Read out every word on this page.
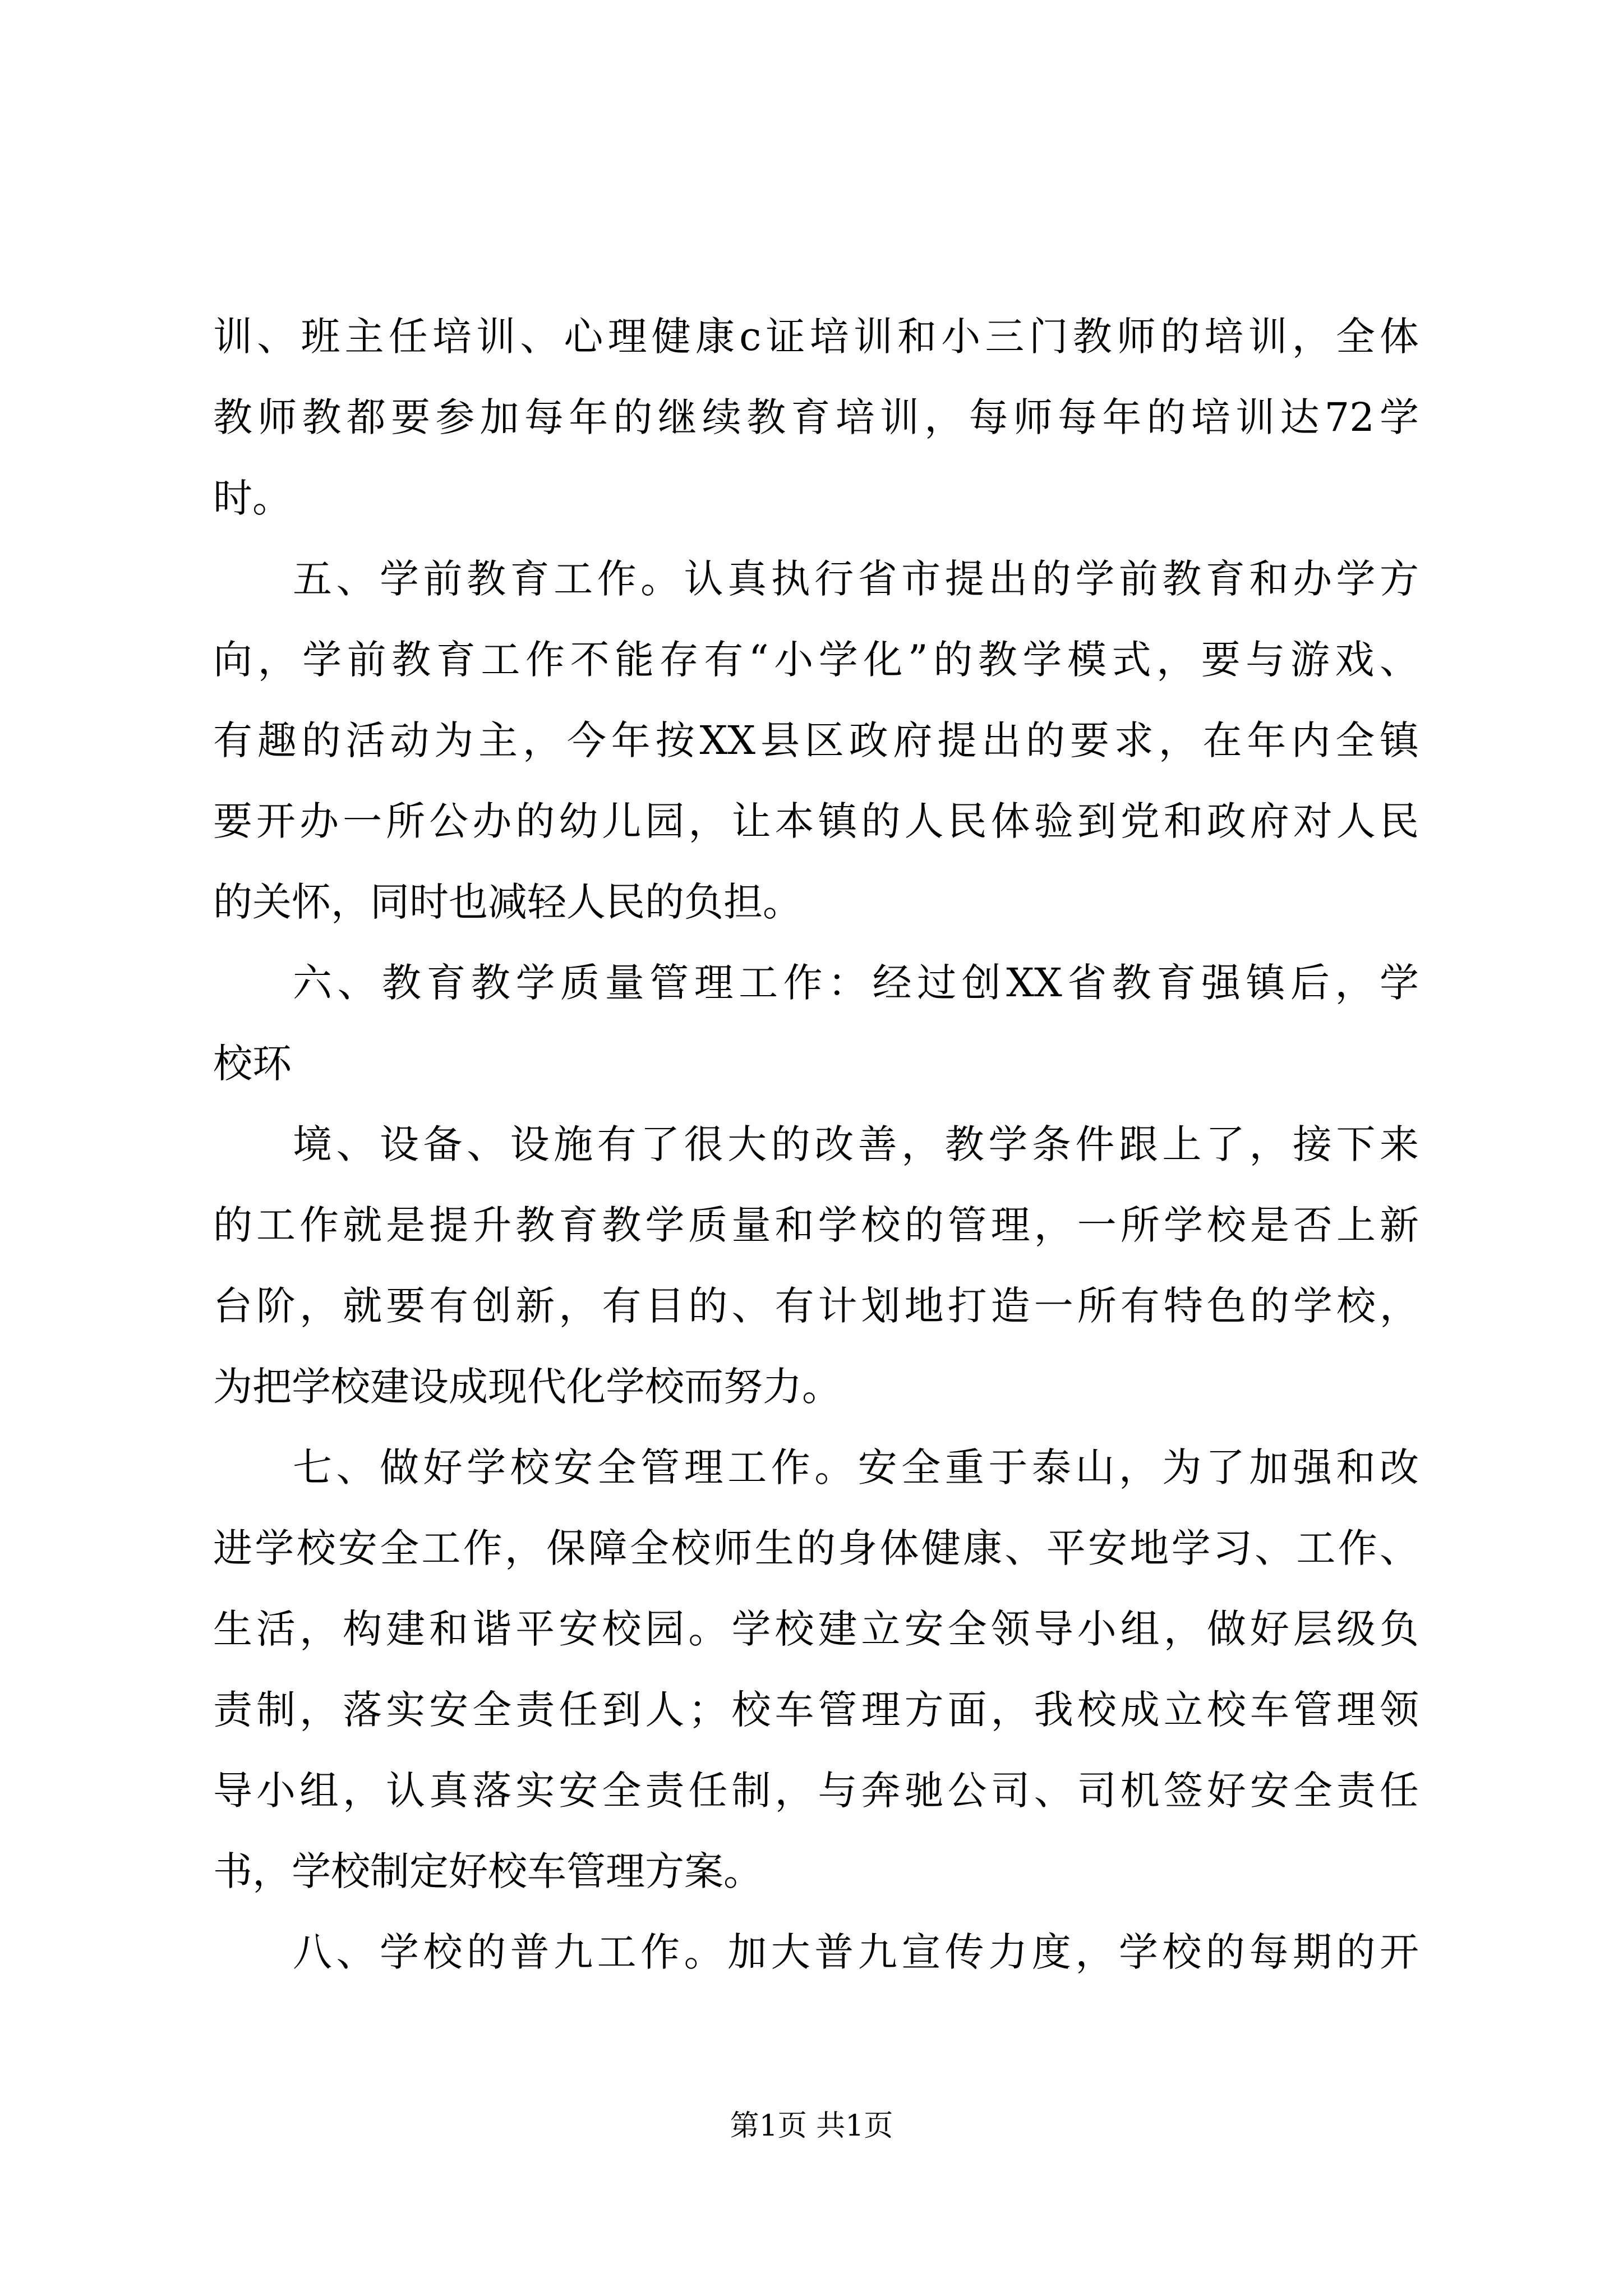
训、班主任培训、心理健康c证培训和小三门教师的培训，全体
教师教都要参加每年的继续教育培训，每师每年的培训达72学
时。
五、学前教育工作。认真执行省市提出的学前教育和办学方
向，学前教育工作不能存有“小学化”的教学模式，要与游戏、
有趣的活动为主，今年按XX县区政府提出的要求，在年内全镇
要开办一所公办的幼儿园，让本镇的人民体验到党和政府对人民
的关怀，同时也减轻人民的负担。
六、教育教学质量管理工作：经过创XX省教育强镇后，学
校环
境、设备、设施有了很大的改善，教学条件跟上了，接下来
的工作就是提升教育教学质量和学校的管理，一所学校是否上新
台阶，就要有创新，有目的、有计划地打造一所有特色的学校，
为把学校建设成现代化学校而努力。
七、做好学校安全管理工作。安全重于泰山，为了加强和改
进学校安全工作，保障全校师生的身体健康、平安地学习、工作、
生活，构建和谐平安校园。学校建立安全领导小组，做好层级负
责制，落实安全责任到人；校车管理方面，我校成立校车管理领
导小组，认真落实安全责任制，与奔驰公司、司机签好安全责任
书，学校制定好校车管理方案。
八、学校的普九工作。加大普九宣传力度，学校的每期的开
第1页 共1页
